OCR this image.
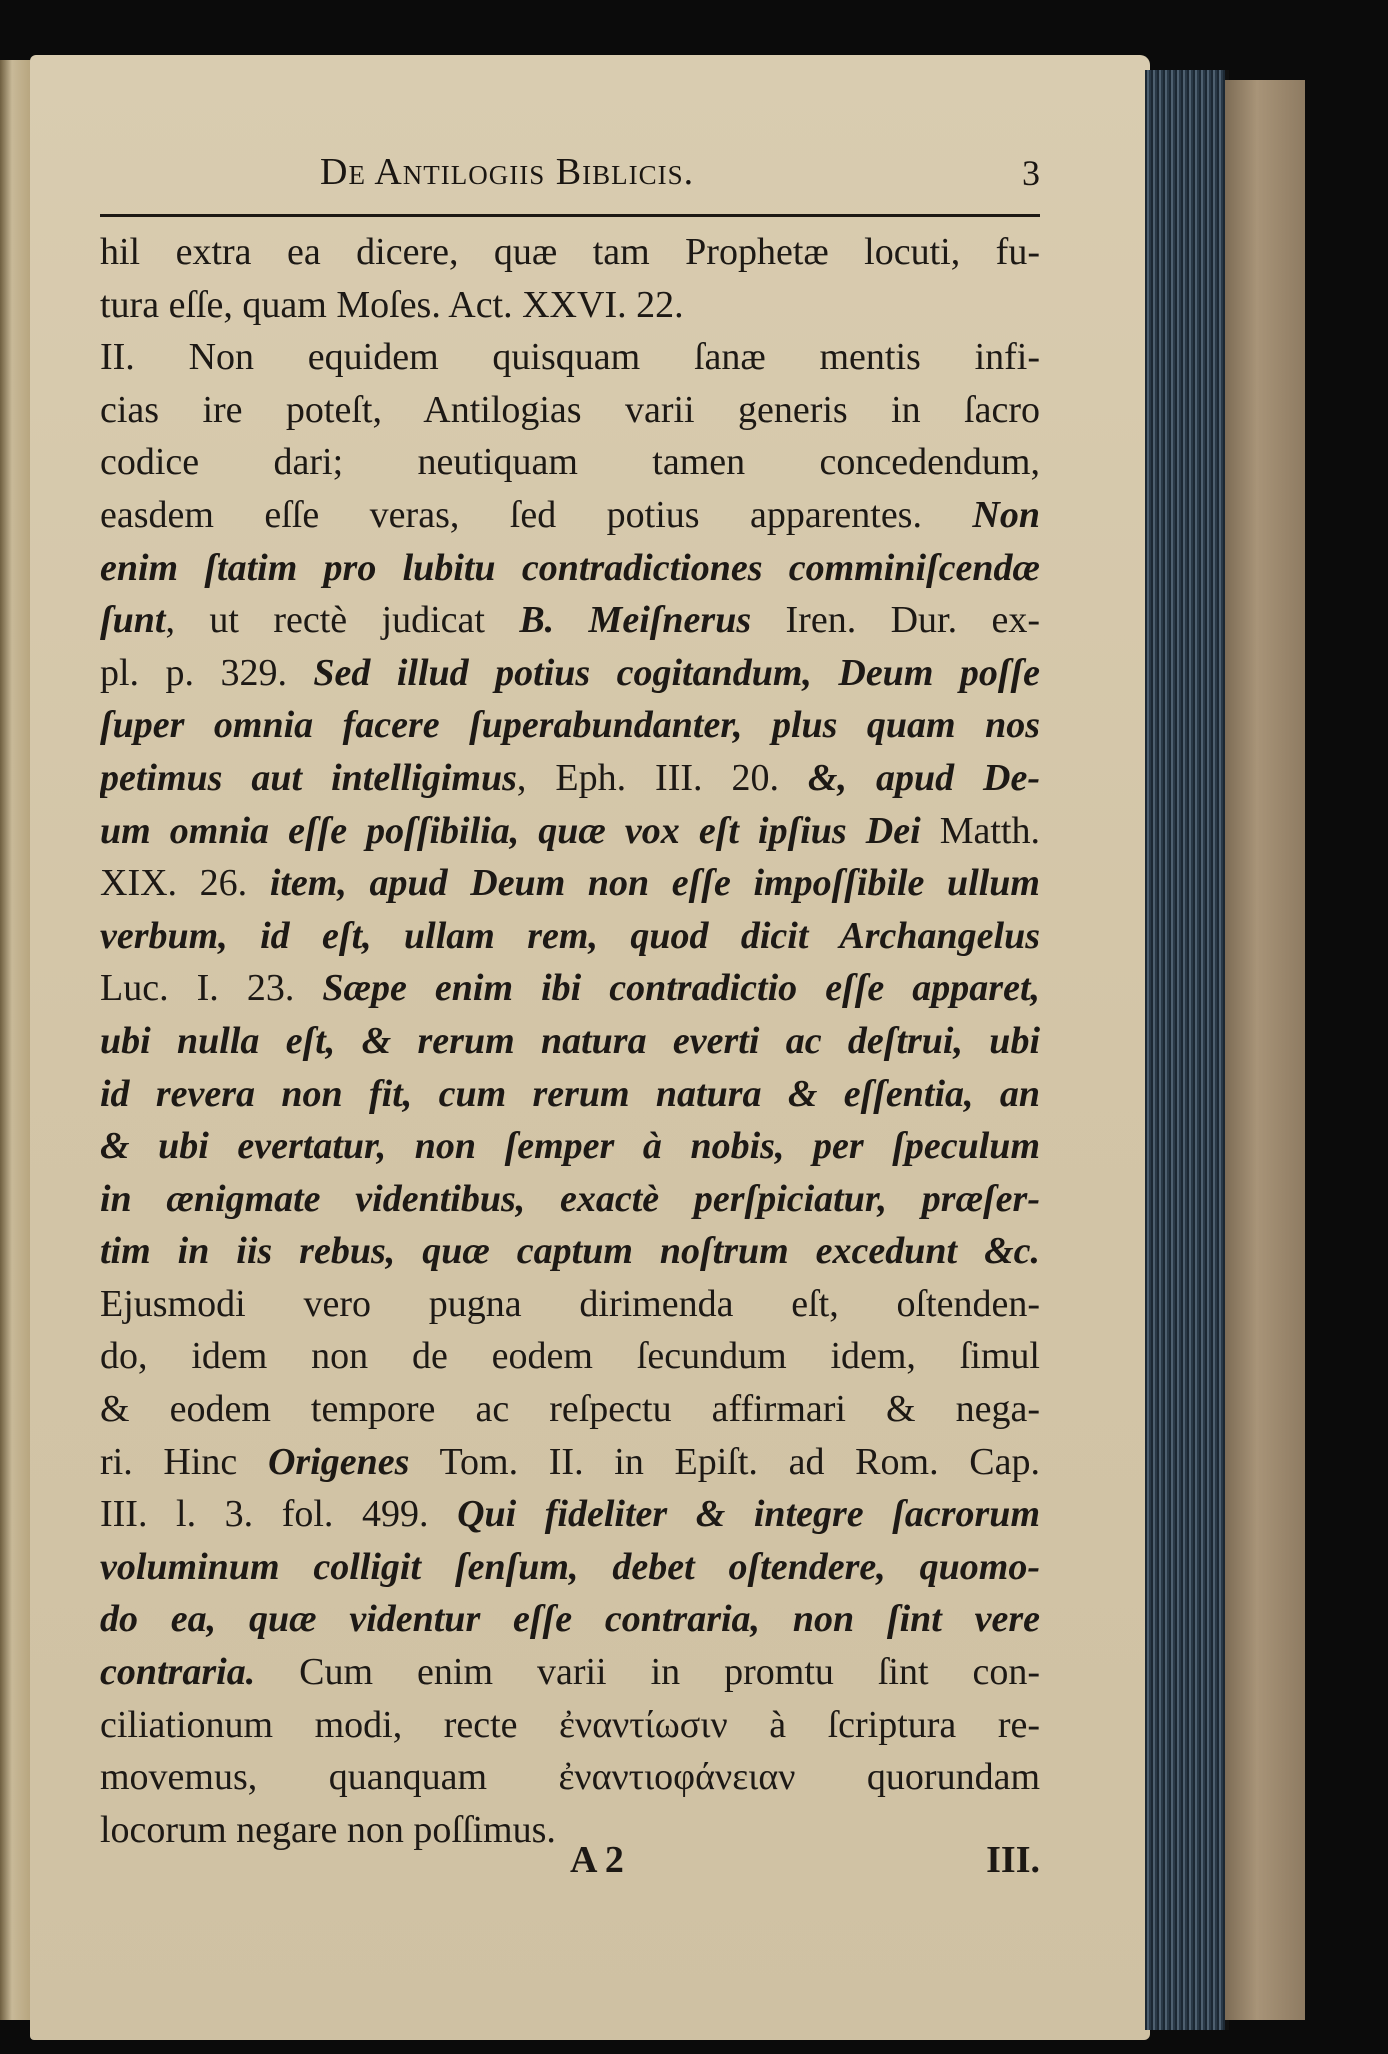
De Antilogiis Biblicis.	3
hil extra ea dicere, quæ tam Prophetæ locuti, fu-
tura eſſe, quam Moſes. Act. XXVI. 22.
II. Non equidem quisquam ſanæ mentis infi-
cias ire poteſt, Antilogias varii generis in ſacro
codice dari; neutiquam tamen concedendum,
easdem eſſe veras, ſed potius apparentes. Non
enim ſtatim pro lubitu contradictiones comminiſcendæ
ſunt, ut rectè judicat B. Meiſnerus Iren. Dur. ex-
pl. p. 329. Sed illud potius cogitandum, Deum poſſe
ſuper omnia facere ſuperabundanter, plus quam nos
petimus aut intelligimus, Eph. III. 20. &, apud De-
um omnia eſſe poſſibilia, quæ vox eſt ipſius Dei Matth.
XIX. 26. item, apud Deum non eſſe impoſſibile ullum
verbum, id eſt, ullam rem, quod dicit Archangelus
Luc. I. 23. Sæpe enim ibi contradictio eſſe apparet,
ubi nulla eſt, & rerum natura everti ac deſtrui, ubi
id revera non fit, cum rerum natura & eſſentia, an
& ubi evertatur, non ſemper à nobis, per ſpeculum
in ænigmate videntibus, exactè perſpiciatur, præſer-
tim in iis rebus, quæ captum noſtrum excedunt &c.
Ejusmodi vero pugna dirimenda eſt, oſtenden-
do, idem non de eodem ſecundum idem, ſimul
& eodem tempore ac reſpectu affirmari & nega-
ri. Hinc Origenes Tom. II. in Epiſt. ad Rom. Cap.
III. l. 3. fol. 499. Qui fideliter & integre ſacrorum
voluminum colligit ſenſum, debet oſtendere, quomo-
do ea, quæ videntur eſſe contraria, non ſint vere
contraria. Cum enim varii in promtu ſint con-
ciliationum modi, recte ἐναντίωσιν à ſcriptura re-
movemus, quanquam ἐναντιοφάνειαν quorundam
locorum negare non poſſimus.
A 2	III.
